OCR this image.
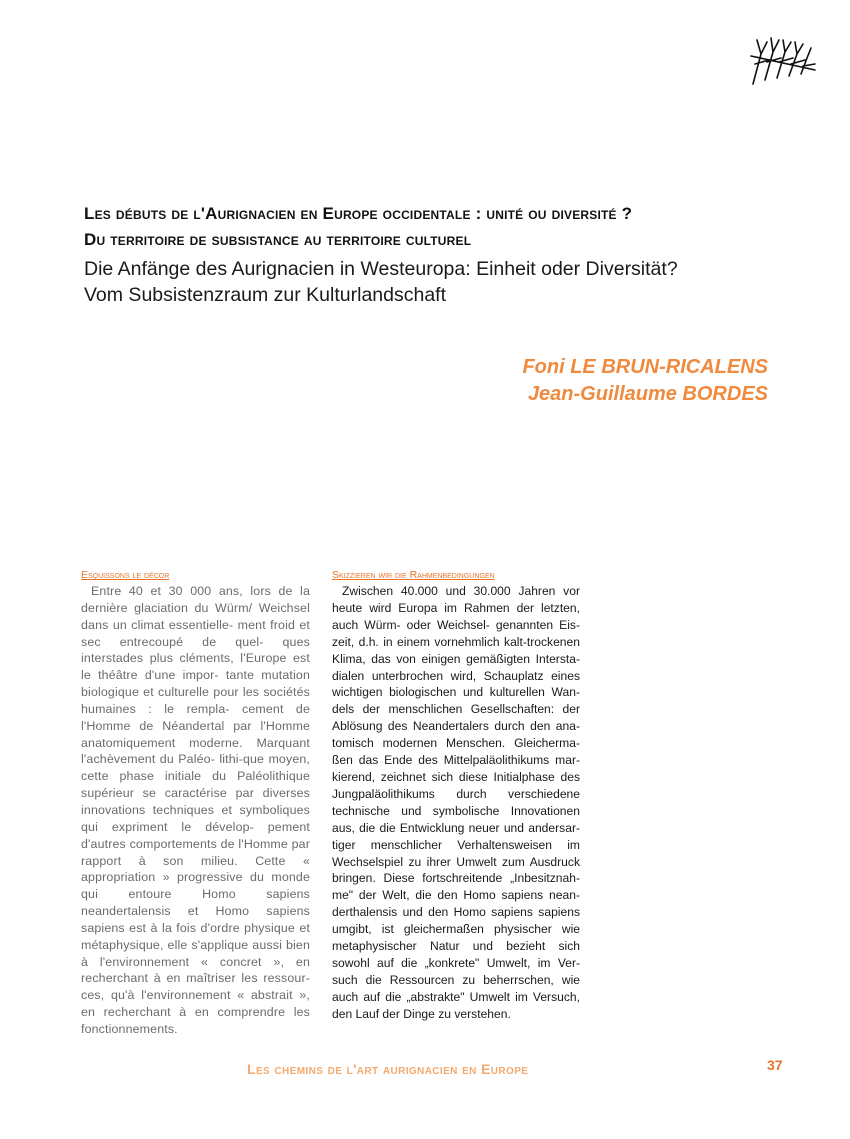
Les débuts de l'Aurignacien en Europe occidentale : unité ou diversité ?
Du territoire de subsistance au territoire culturel
Die Anfänge des Aurignacien in Westeuropa: Einheit oder Diversität?
Vom Subsistenzraum zur Kulturlandschaft
Foni LE BRUN-RICALENS
Jean-Guillaume BORDES
Esquissons le décor	Skizzieren wir die Rahmenbedingungen

Entre 40 et 30 000 ans, lors de la dernière glaciation du Würm/ Weichsel dans un climat essentielle- ment froid et sec entrecoupé de quel- ques interstades plus cléments, l'Europe est le théâtre d'une impor- tante mutation biologique et culturelle pour les sociétés humaines : le rempla- cement de l'Homme de Néandertal par l'Homme anatomiquement moderne. Marquant l'achèvement du Paléo- lithi-que moyen, cette phase initiale du Paléolithique supérieur se caractérise par diverses innovations techniques et symboliques qui expriment le dévelop- pement d'autres comportements de l'Homme par rapport à son milieu. Cette « appropriation » progressive du monde qui entoure Homo sapiens neandertalensis et Homo sapiens sapiens est à la fois d'ordre physique et métaphysique, elle s'applique aussi bien à l'environnement « concret », en recherchant à en maîtriser les ressour- ces, qu'à l'environnement « abstrait », en recherchant à en comprendre les fonctionnements.

Zwischen 40.000 und 30.000 Jahren vor heute wird Europa im Rahmen der letzten, auch Würm- oder Weichsel- genannten Eis- zeit, d.h. in einem vornehmlich kalt-trockenen Klima, das von einigen gemäßigten Intersta- dialen unterbrochen wird, Schauplatz eines wichtigen biologischen und kulturellen Wan- dels der menschlichen Gesellschaften: der Ablösung des Neandertalers durch den ana- tomisch modernen Menschen. Gleicherma- ßen das Ende des Mittelpaläolithikums mar- kierend, zeichnet sich diese Initialphase des Jungpaläolithikums durch verschiedene technische und symbolische Innovationen aus, die die Entwicklung neuer und andersar- tiger menschlicher Verhaltensweisen im Wechselspiel zu ihrer Umwelt zum Ausdruck bringen. Diese fortschreitende „Inbesitznah- me" der Welt, die den Homo sapiens nean- derthalensis und den Homo sapiens sapiens umgibt, ist gleichermaßen physischer wie metaphysischer Natur und bezieht sich sowohl auf die „konkrete" Umwelt, im Ver- such die Ressourcen zu beherrschen, wie auch auf die „abstrakte" Umwelt im Versuch, den Lauf der Dinge zu verstehen.

Les chemins de l'art aurignacien en Europe	37
